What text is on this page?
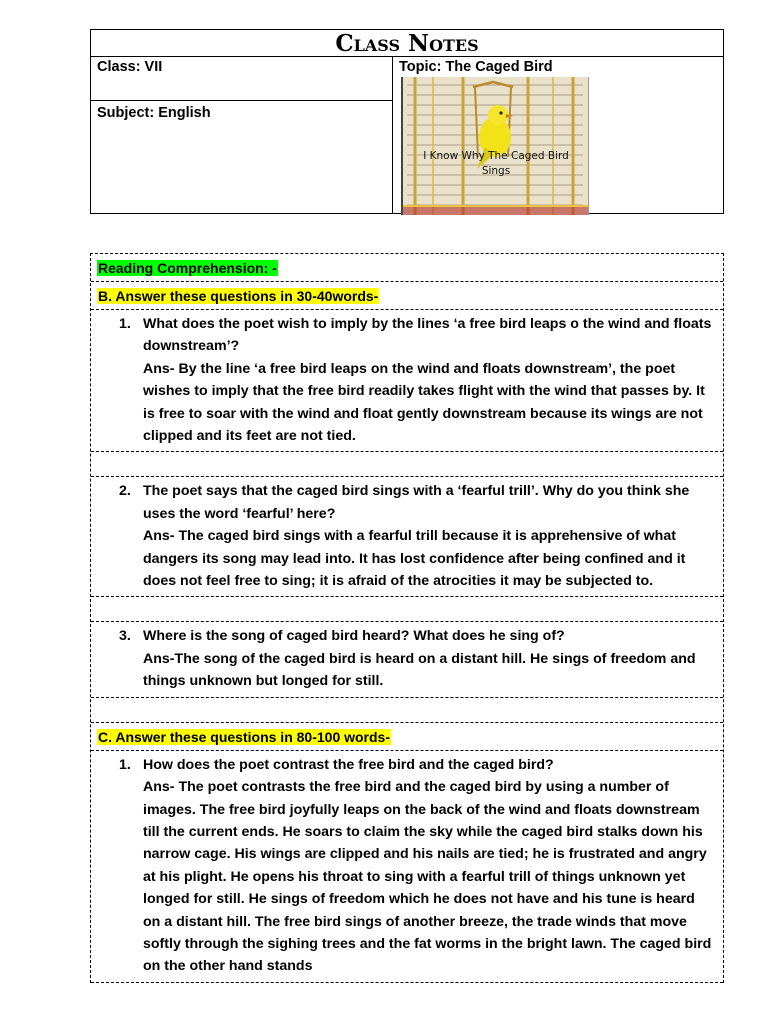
Class Notes
Class: VII
Subject: English
Topic: The Caged Bird
I Know Why The Caged Bird Sings
Reading Comprehension: -
B. Answer these questions in 30-40words-
1. What does the poet wish to imply by the lines ‘a free bird leaps o the wind and floats downstream’?

Ans- By the line ‘a free bird leaps on the wind and floats downstream’, the poet wishes to imply that the free bird readily takes flight with the wind that passes by. It is free to soar with the wind and float gently downstream because its wings are not clipped and its feet are not tied.

2. The poet says that the caged bird sings with a ‘fearful trill’. Why do you think she uses the word ‘fearful’ here?

Ans- The caged bird sings with a fearful trill because it is apprehensive of what dangers its song may lead into. It has lost confidence after being confined and it does not feel free to sing; it is afraid of the atrocities it may be subjected to.

3. Where is the song of caged bird heard? What does he sing of?

Ans-The song of the caged bird is heard on a distant hill. He sings of freedom and things unknown but longed for still.

C. Answer these questions in 80-100 words-
1. How does the poet contrast the free bird and the caged bird?

Ans- The poet contrasts the free bird and the caged bird by using a number of images. The free bird joyfully leaps on the back of the wind and floats downstream till the current ends. He soars to claim the sky while the caged bird stalks down his narrow cage. His wings are clipped and his nails are tied; he is frustrated and angry at his plight. He opens his throat to sing with a fearful trill of things unknown yet longed for still. He sings of freedom which he does not have and his tune is heard on a distant hill. The free bird sings of another breeze, the trade winds that move softly through the sighing trees and the fat worms in the bright lawn. The caged bird on the other hand stands
